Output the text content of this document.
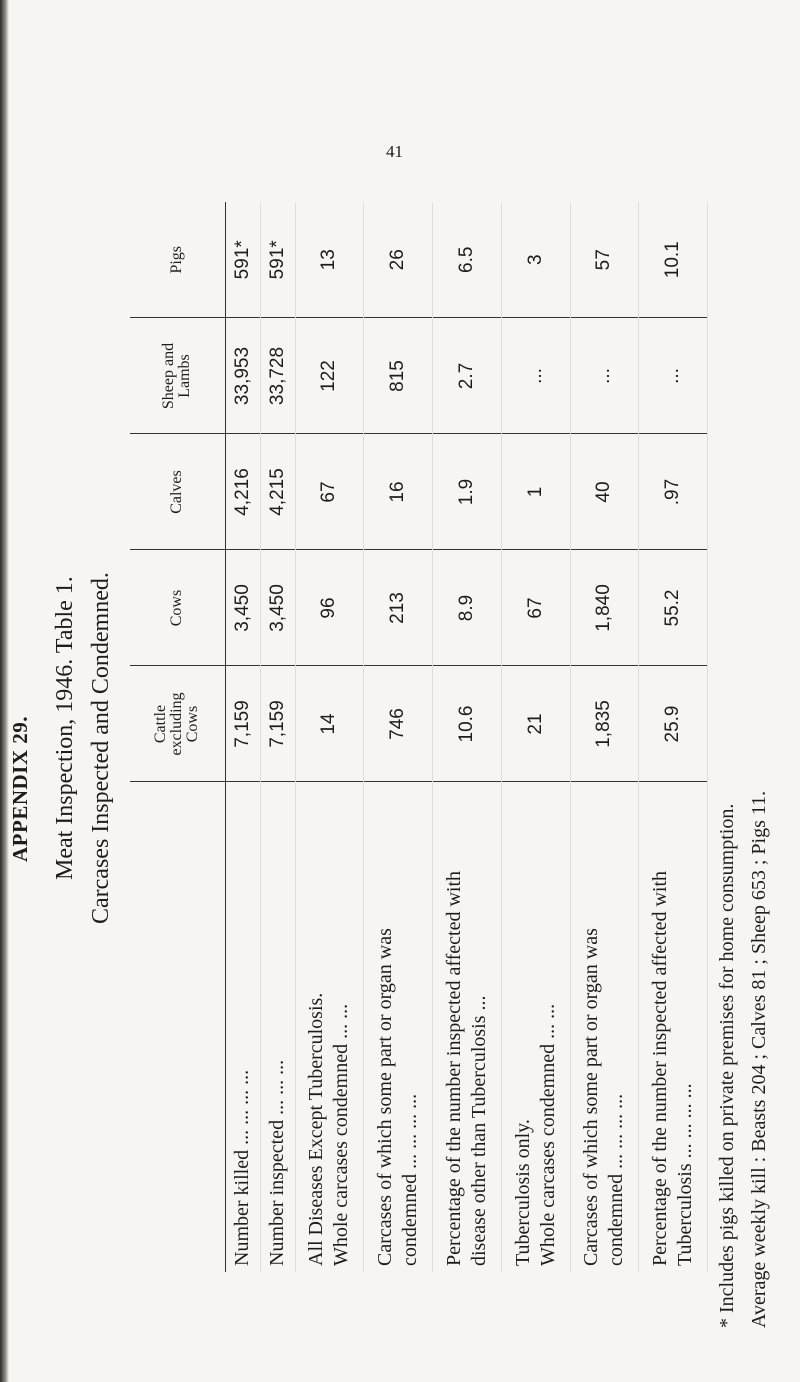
41
APPENDIX 29. Meat Inspection, 1946. Table 1. Carcases Inspected and Condemned.
	Cattle excluding Cows	Cows	Calves	Sheep and Lambs	Pigs
Number killed ... ... ... ...	7,159	3,450	4,216	33,953	591*
Number inspected ... ... ...	7,159	3,450	4,215	33,728	591*
All Diseases Except Tuberculosis.
Whole carcases condemned ... ...	14	96	67	122	13
Carcases of which some part or organ was
condemned ... ... ... ...	746	213	16	815	26
Percentage of the number inspected affected with
disease other than Tuberculosis ...	10.6	8.9	1.9	2.7	6.5
Tuberculosis only.
Whole carcases condemned ... ...	21	67	1	...	3
Carcases of which some part or organ was
condemned ... ... ... ...	1,835	1,840	40	...	57
Percentage of the number inspected affected with
Tuberculosis ... ... ... ...	25.9	55.2	.97	...	10.1
* Includes pigs killed on private premises for home consumption. Average weekly kill : Beasts 204 ; Calves 81 ; Sheep 653 ; Pigs 11.
